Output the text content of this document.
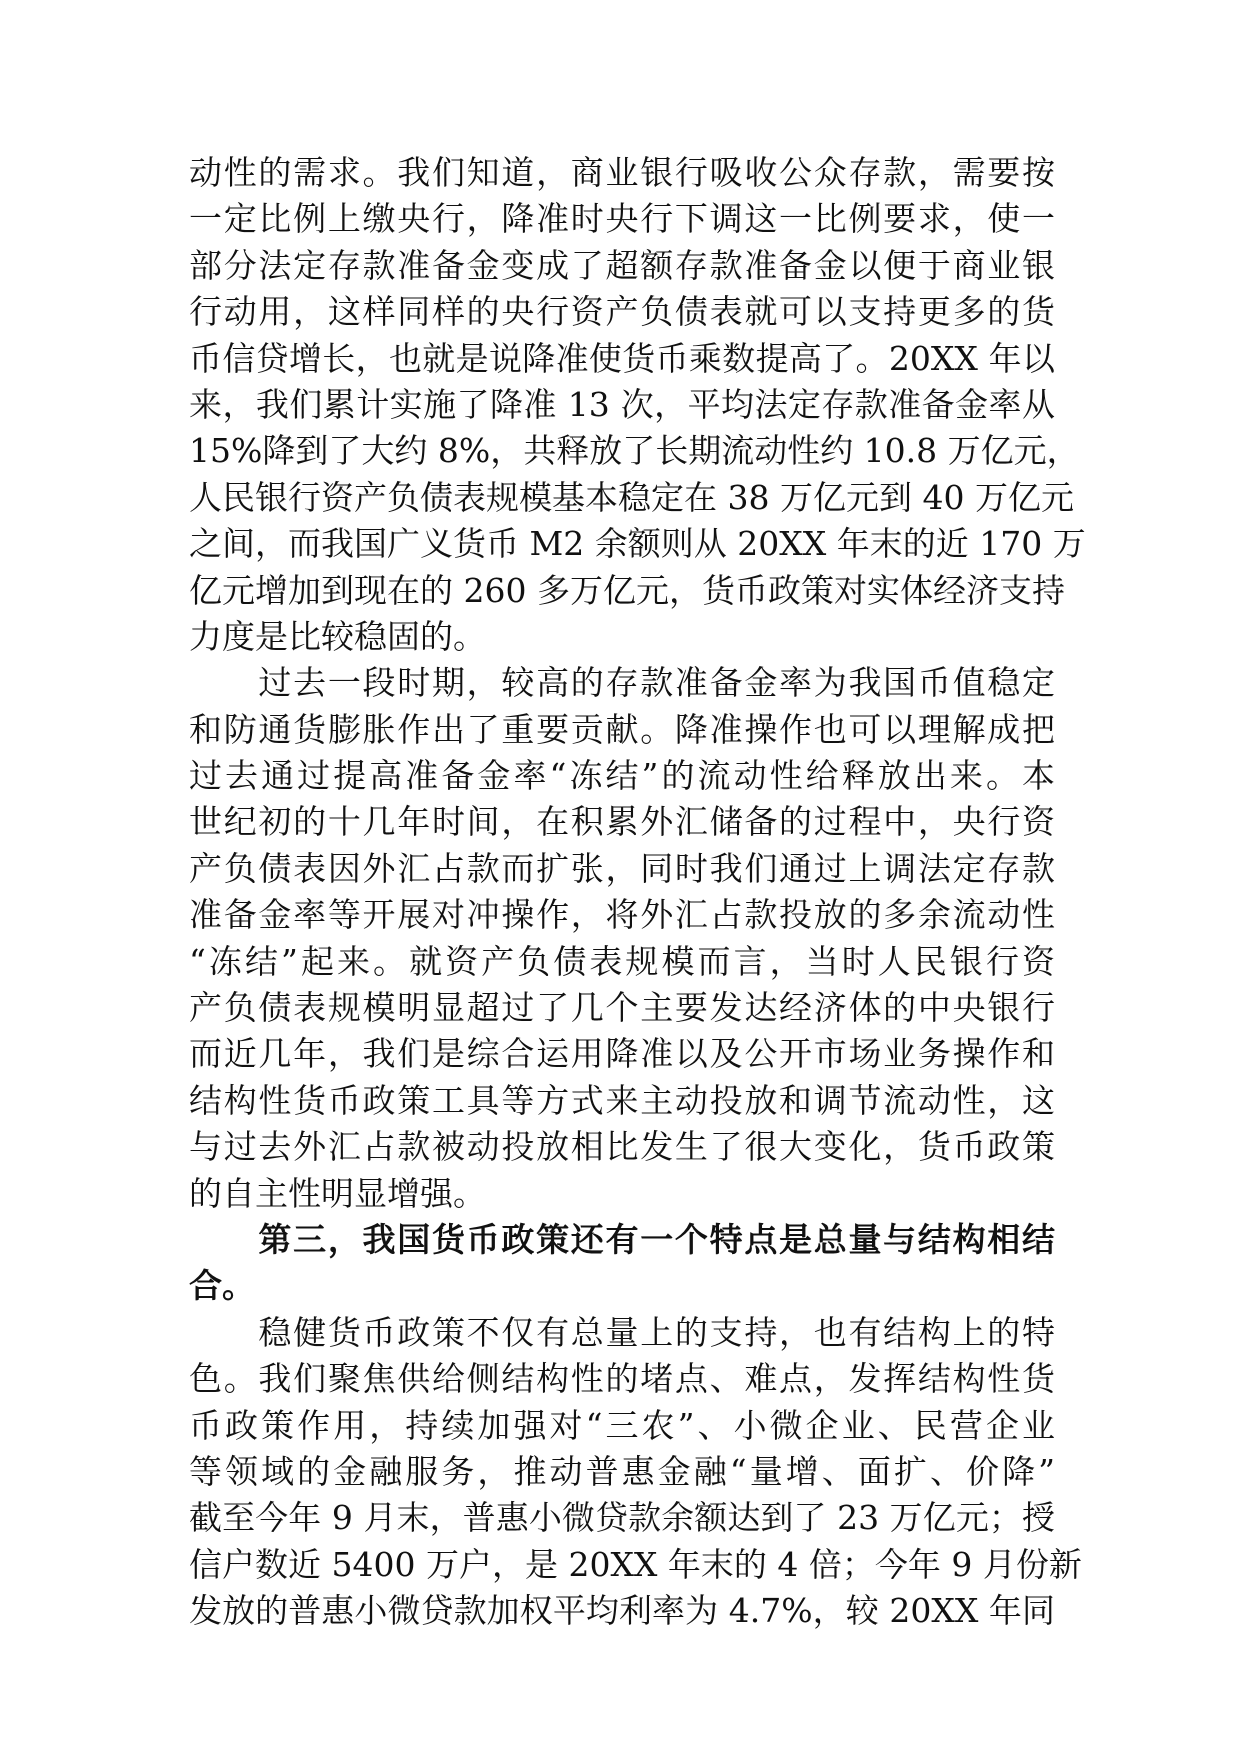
动性的需求。我们知道，商业银行吸收公众存款，需要按
一定比例上缴央行，降准时央行下调这一比例要求，使一
部分法定存款准备金变成了超额存款准备金以便于商业银
行动用，这样同样的央行资产负债表就可以支持更多的货
币信贷增长，也就是说降准使货币乘数提高了。20XX 年以
来，我们累计实施了降准 13 次，平均法定存款准备金率从
15%降到了大约 8%，共释放了长期流动性约 10.8 万亿元，
人民银行资产负债表规模基本稳定在 38 万亿元到 40 万亿元
之间，而我国广义货币 M2 余额则从 20XX 年末的近 170 万
亿元增加到现在的 260 多万亿元，货币政策对实体经济支持
力度是比较稳固的。
　　过去一段时期，较高的存款准备金率为我国币值稳定
和防通货膨胀作出了重要贡献。降准操作也可以理解成把
过去通过提高准备金率“冻结”的流动性给释放出来。本
世纪初的十几年时间，在积累外汇储备的过程中，央行资
产负债表因外汇占款而扩张，同时我们通过上调法定存款
准备金率等开展对冲操作，将外汇占款投放的多余流动性
“冻结”起来。就资产负债表规模而言，当时人民银行资
产负债表规模明显超过了几个主要发达经济体的中央银行
而近几年，我们是综合运用降准以及公开市场业务操作和
结构性货币政策工具等方式来主动投放和调节流动性，这
与过去外汇占款被动投放相比发生了很大变化，货币政策
的自主性明显增强。
　　第三，我国货币政策还有一个特点是总量与结构相结
合。
　　稳健货币政策不仅有总量上的支持，也有结构上的特
色。我们聚焦供给侧结构性的堵点、难点，发挥结构性货
币政策作用，持续加强对“三农”、小微企业、民营企业
等领域的金融服务，推动普惠金融“量增、面扩、价降”
截至今年 9 月末，普惠小微贷款余额达到了 23 万亿元；授
信户数近 5400 万户，是 20XX 年末的 4 倍；今年 9 月份新
发放的普惠小微贷款加权平均利率为 4.7%，较 20XX 年同
